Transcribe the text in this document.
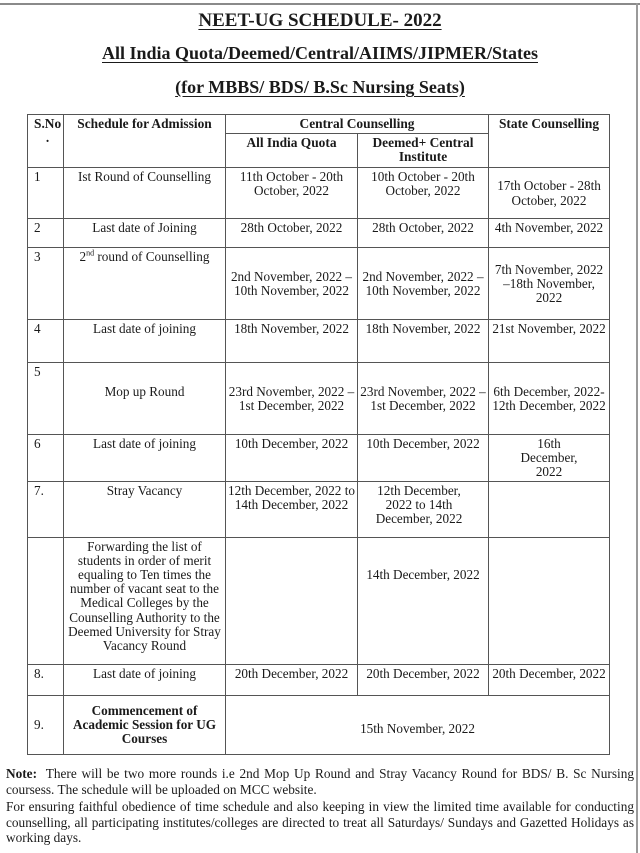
NEET-UG SCHEDULE- 2022
All India Quota/Deemed/Central/AIIMS/JIPMER/States
(for MBBS/ BDS/ B.Sc Nursing Seats)
S.No
.	Schedule for Admission	Central Counselling		State Counselling
		All India Quota	Deemed+ Central Institute	
1	Ist Round of Counselling	11th October - 20th October, 2022	10th October - 20th October, 2022	17th October - 28th October, 2022
2	Last date of Joining	28th October, 2022	28th October, 2022	4th November, 2022
3	2nd round of Counselling	2nd November, 2022 – 10th November, 2022	2nd November, 2022 – 10th November, 2022	7th November, 2022 –18th November, 2022
4	Last date of joining	18th November, 2022	18th November, 2022	21st November, 2022
5	Mop up Round	23rd November, 2022 –1st December, 2022	23rd November, 2022 –1st December, 2022	6th December, 2022- 12th December, 2022
6	Last date of joining	10th December, 2022	10th December, 2022	16th December, 2022
7.	Stray Vacancy	12th December, 2022 to 14th December, 2022	12th December, 2022 to 14th December, 2022	
	Forwarding the list of students in order of merit equaling to Ten times the number of vacant seat to the Medical Colleges by the Counselling Authority to the Deemed University for Stray Vacancy Round		14th December, 2022	
8.	Last date of joining	20th December, 2022	20th December, 2022	20th December, 2022
9.	Commencement of Academic Session for UG Courses	15th November, 2022		

Note: There will be two more rounds i.e 2nd Mop Up Round and Stray Vacancy Round for BDS/ B. Sc Nursing coursess. The schedule will be uploaded on MCC website.

For ensuring faithful obedience of time schedule and also keeping in view the limited time available for conducting counselling, all participating institutes/colleges are directed to treat all Saturdays/ Sundays and Gazetted Holidays as working days.
